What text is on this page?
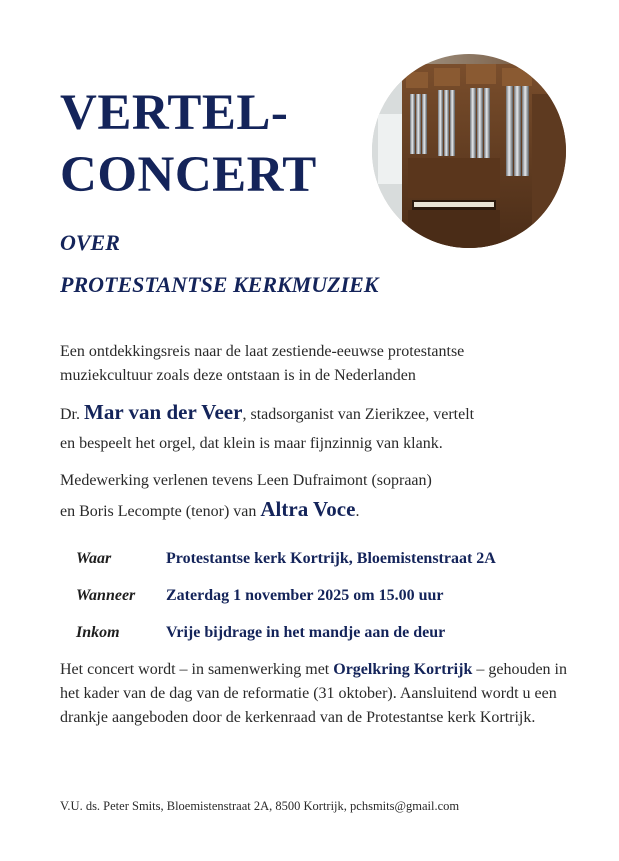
VERTEL-
CONCERT

OVER

PROTESTANTSE KERKMUZIEK

Een ontdekkingsreis naar de laat zestiende-eeuwse protestantse
muziekcultuur zoals deze ontstaan is in de Nederlanden

Dr. Mar van der Veer, stadsorganist van Zierikzee, vertelt
en bespeelt het orgel, dat klein is maar fijnzinnig van klank.

Medewerking verlenen tevens Leen Dufraimont (sopraan)
en Boris Lecompte (tenor) van Altra Voce.

Waar	Protestantse kerk Kortrijk, Bloemistenstraat 2A
Wanneer	Zaterdag 1 november 2025 om 15.00 uur
Inkom	Vrije bijdrage in het mandje aan de deur

Het concert wordt – in samenwerking met Orgelkring Kortrijk – gehouden in het kader van de dag van de reformatie (31 oktober). Aansluitend wordt u een drankje aangeboden door de kerkenraad van de Protestantse kerk Kortrijk.

V.U. ds. Peter Smits, Bloemistenstraat 2A, 8500 Kortrijk, pchsmits@gmail.com
